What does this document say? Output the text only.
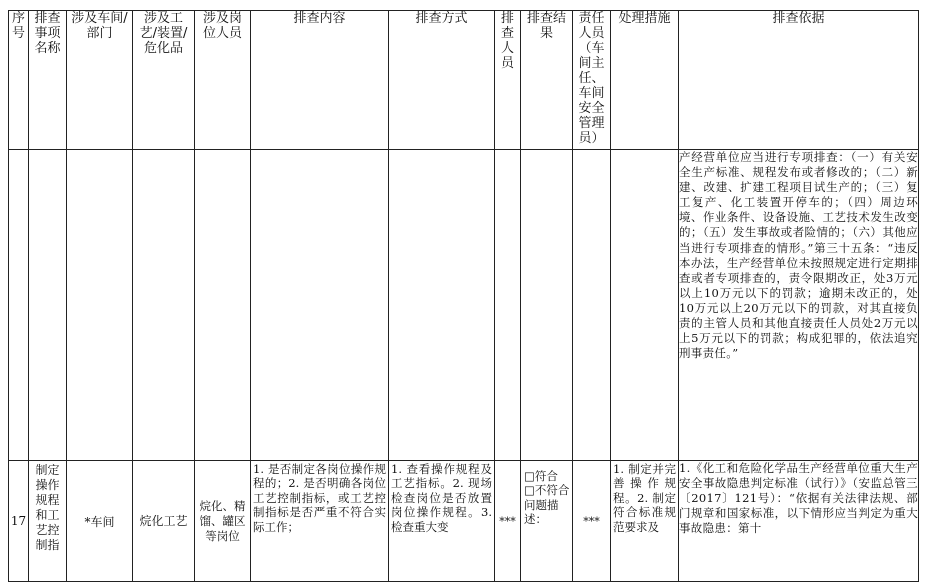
序号	排查事项名称	涉及车间/部门	涉及工艺/装置/危化品	涉及岗位人员	排查内容	排查方式	排查人员	排查结果	责任人员（车间主任、车间安全管理员）	处理措施	排查依据
											产经营单位应当进行专项排查：（一）有关安全生产标准、规程发布或者修改的；（二）新建、改建、扩建工程项目试生产的；（三）复工复产、化工装置开停车的；（四）周边环境、作业条件、设备设施、工艺技术发生改变的；（五）发生事故或者险情的；（六）其他应当进行专项排查的情形。”第三十五条：“违反本办法，生产经营单位未按照规定进行定期排查或者专项排查的，责令限期改正，处3万元以上10万元以下的罚款；逾期未改正的，处10万元以上20万元以下的罚款，对其直接负责的主管人员和其他直接责任人员处2万元以上5万元以下的罚款；构成犯罪的，依法追究刑事责任。”
17	制定操作规程和工艺控制指	*车间	烷化工艺	烷化、精馏、罐区等岗位	1. 是否制定各岗位操作规程的；2. 是否明确各岗位工艺控制指标，或工艺控制指标是否严重不符合实际工作；	1. 查看操作规程及工艺指标。2. 现场检查岗位是否放置岗位操作规程。3. 检查重大变	***	□符合
□不符合
问题描述：	***	1. 制定并完善操作规程。2. 制定符合标准规范要求及	1.《化工和危险化学品生产经营单位重大生产安全事故隐患判定标准（试行）》（安监总管三〔2017〕121号）：“依据有关法律法规、部门规章和国家标准，以下情形应当判定为重大事故隐患：第十
